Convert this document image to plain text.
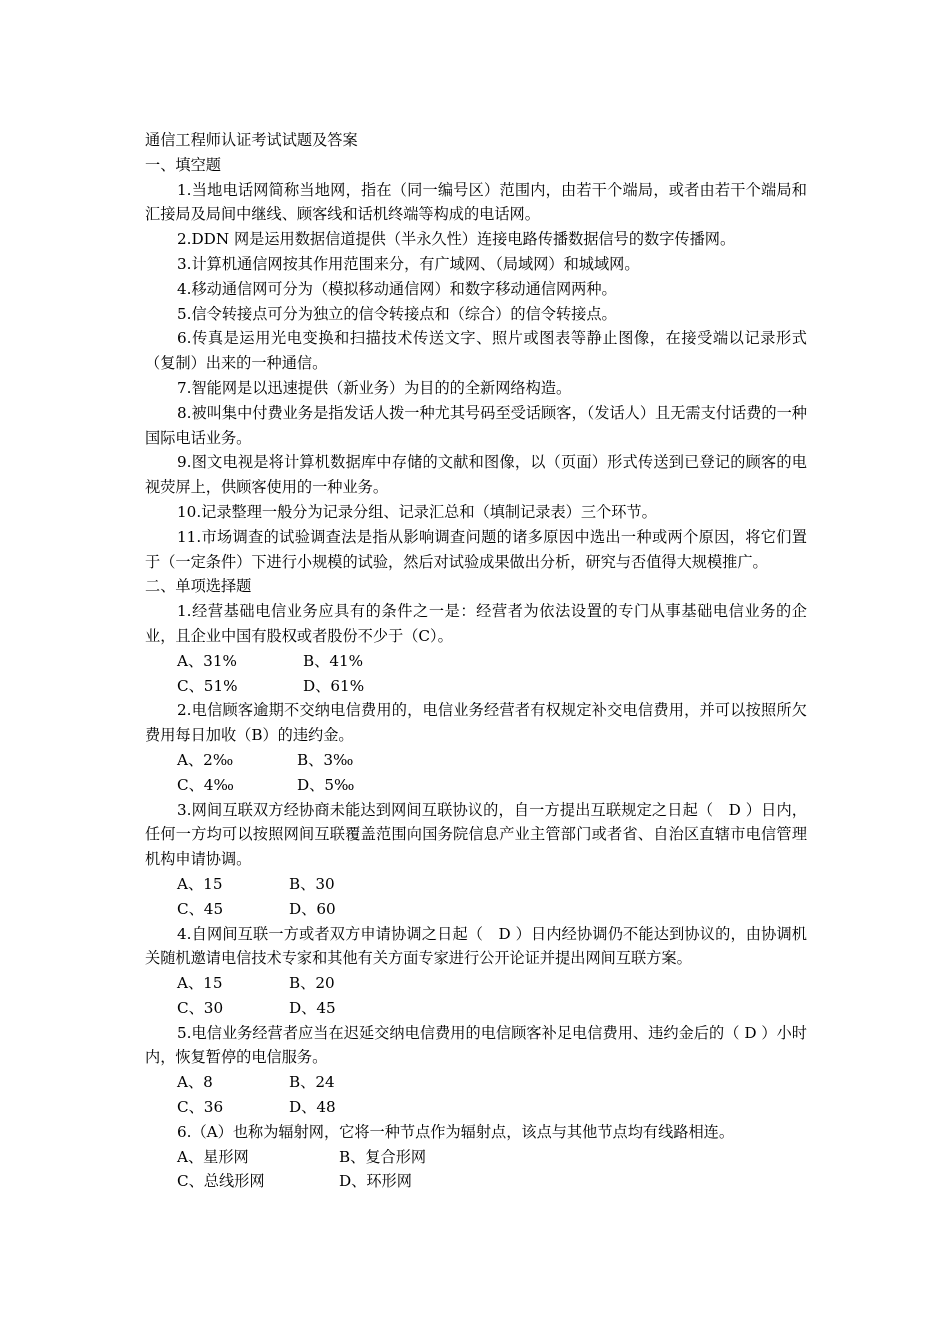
通信工程师认证考试试题及答案
一、填空题
1.当地电话网简称当地网，指在（同一编号区）范围内，由若干个端局，或者由若干个端局和汇接局及局间中继线、顾客线和话机终端等构成的电话网。
2.DDN 网是运用数据信道提供（半永久性）连接电路传播数据信号的数字传播网。
3.计算机通信网按其作用范围来分，有广域网、（局域网）和城域网。
4.移动通信网可分为（模拟移动通信网）和数字移动通信网两种。
5.信令转接点可分为独立的信令转接点和（综合）的信令转接点。
6.传真是运用光电变换和扫描技术传送文字、照片或图表等静止图像，在接受端以记录形式（复制）出来的一种通信。
7.智能网是以迅速提供（新业务）为目的的全新网络构造。
8.被叫集中付费业务是指发话人拨一种尤其号码至受话顾客，（发话人）且无需支付话费的一种国际电话业务。
9.图文电视是将计算机数据库中存储的文献和图像，以（页面）形式传送到已登记的顾客的电视荧屏上，供顾客使用的一种业务。
10.记录整理一般分为记录分组、记录汇总和（填制记录表）三个环节。
11.市场调查的试验调查法是指从影响调查问题的诸多原因中选出一种或两个原因，将它们置于（一定条件）下进行小规模的试验，然后对试验成果做出分析，研究与否值得大规模推广。
二、单项选择题
1.经营基础电信业务应具有的条件之一是：经营者为依法设置的专门从事基础电信业务的企业，且企业中国有股权或者股份不少于（C）。
A、31%	B、41%
C、51%	D、61%
2.电信顾客逾期不交纳电信费用的，电信业务经营者有权规定补交电信费用，并可以按照所欠费用每日加收（B）的违约金。
A、2‰	B、3‰
C、4‰	D、5‰
3.网间互联双方经协商未能达到网间互联协议的，自一方提出互联规定之日起（　D ）日内，任何一方均可以按照网间互联覆盖范围向国务院信息产业主管部门或者省、自治区直辖市电信管理机构申请协调。
A、15	B、30
C、45	D、60
4.自网间互联一方或者双方申请协调之日起（　D ）日内经协调仍不能达到协议的，由协调机关随机邀请电信技术专家和其他有关方面专家进行公开论证并提出网间互联方案。
A、15	B、20
C、30	D、45
5.电信业务经营者应当在迟延交纳电信费用的电信顾客补足电信费用、违约金后的（ D ）小时内，恢复暂停的电信服务。
A、8	B、24
C、36	D、48
6.（A）也称为辐射网，它将一种节点作为辐射点，该点与其他节点均有线路相连。
A、星形网	B、复合形网
C、总线形网	D、环形网
